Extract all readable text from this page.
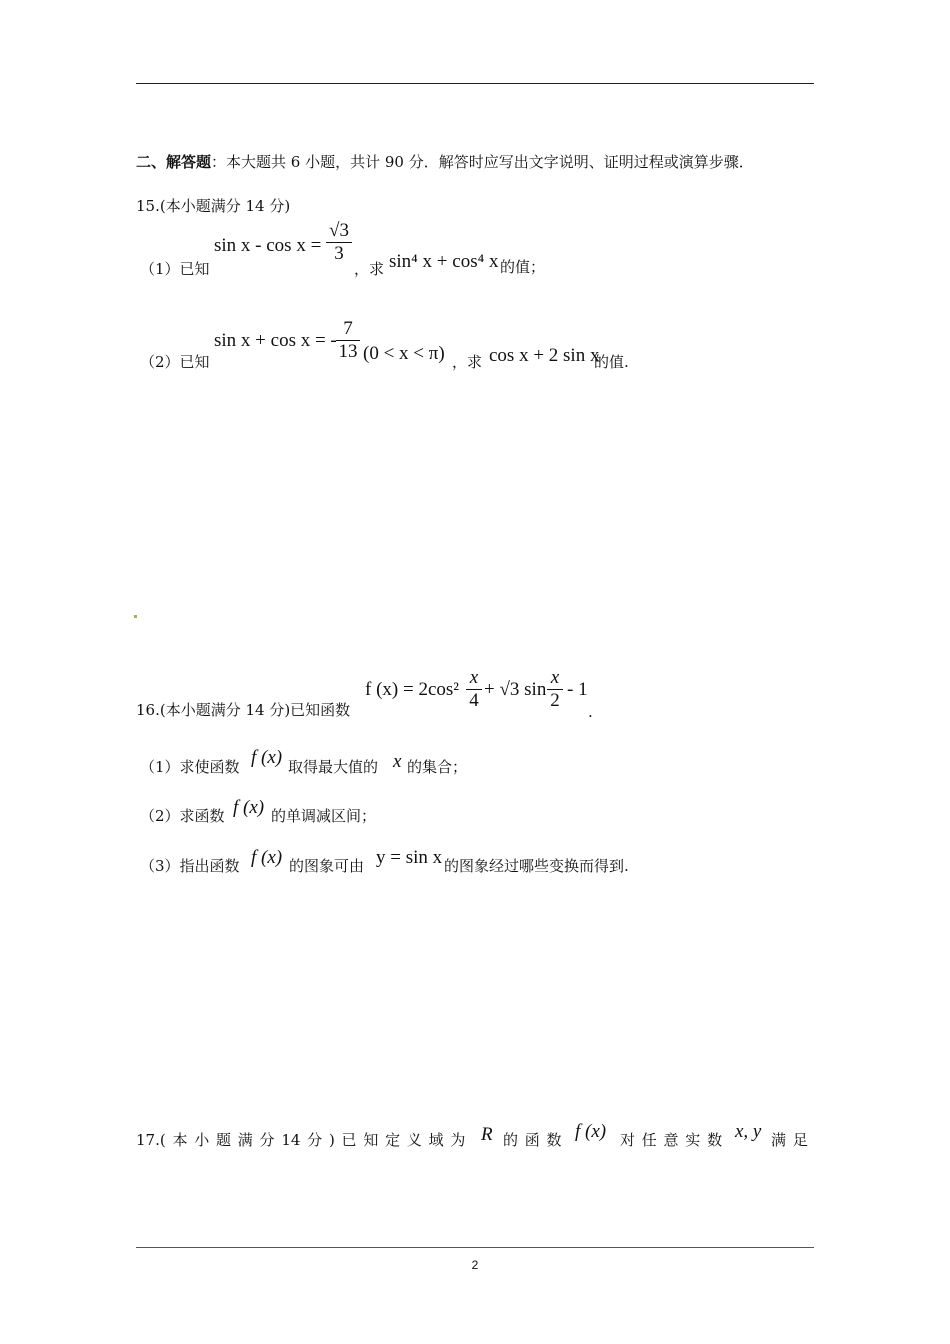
二、解答题：本大题共 6 小题，共计 90 分．解答时应写出文字说明、证明过程或演算步骤．
15.(本小题满分 14 分)
（1）已知
sin x - cos x =
√3
3
，求 sin⁴ x + cos⁴ x 的值；
（2）已知
sin x + cos x = -
7
13 (0 < x < π) ，求 cos x + 2 sin x
的值.
16.(本小题满分 14 分)已知函数
f (x) = 2cos²
x
4
+ √3 sin
x
2
- 1
.
（1）求使函数 f (x) 取得最大值的 x 的集合；
（2）求函数 f (x) 的单调减区间；
（3）指出函数 f (x) 的图象可由 y = sin x 的图象经过哪些变换而得到.
17.( 本 小 题 满 分 14 分 ) 已 知 定 义 域 为 R 的 函 数 f (x) 对 任 意 实 数 x, y 满 足
2
